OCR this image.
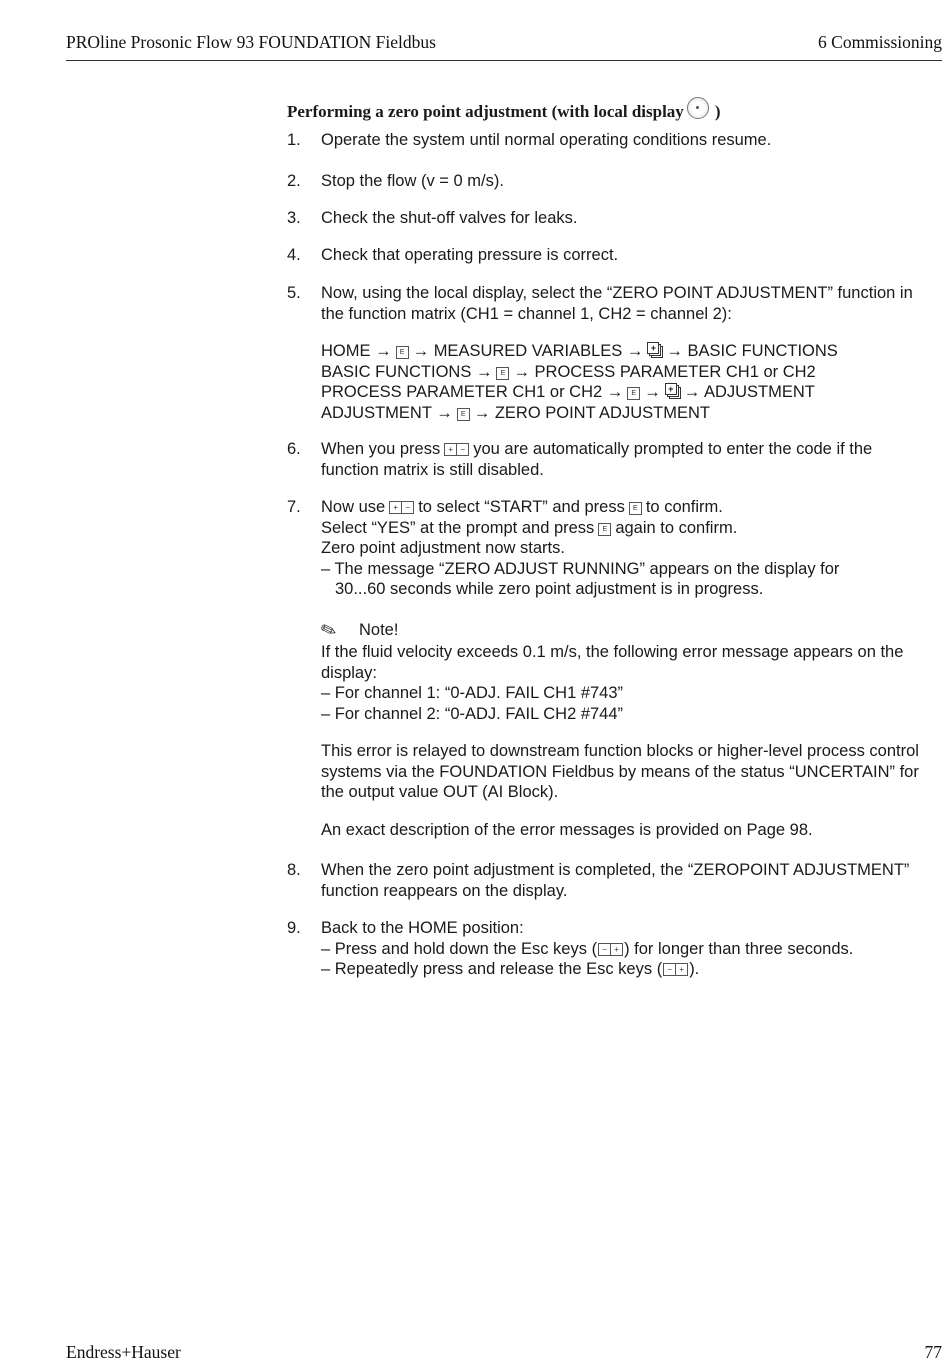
PROline Prosonic Flow 93 FOUNDATION Fieldbus	6 Commissioning
Performing a zero point adjustment (with local display )
1. Operate the system until normal operating conditions resume.
2. Stop the flow (v = 0 m/s).
3. Check the shut-off valves for leaks.
4. Check that operating pressure is correct.
5. Now, using the local display, select the “ZERO POINT ADJUSTMENT” function in
the function matrix (CH1 = channel 1, CH2 = channel 2):
HOME → E → MEASURED VARIABLES → + → BASIC FUNCTIONS
BASIC FUNCTIONS → E → PROCESS PARAMETER CH1 or CH2
PROCESS PARAMETER CH1 or CH2 → E → + → ADJUSTMENT
ADJUSTMENT → E → ZERO POINT ADJUSTMENT
6. When you press + − you are automatically prompted to enter the code if the
function matrix is still disabled.
7. Now use + − to select “START” and press E to confirm.
Select “YES” at the prompt and press E again to confirm.
Zero point adjustment now starts.
– The message “ZERO ADJUST RUNNING” appears on the display for
30...60 seconds while zero point adjustment is in progress.
✎ Note!
If the fluid velocity exceeds 0.1 m/s, the following error message appears on the
display:
– For channel 1: “0-ADJ. FAIL CH1 #743”
– For channel 2: “0-ADJ. FAIL CH2 #744”
This error is relayed to downstream function blocks or higher-level process control
systems via the FOUNDATION Fieldbus by means of the status “UNCERTAIN” for
the output value OUT (AI Block).
An exact description of the error messages is provided on Page 98.
8. When the zero point adjustment is completed, the “ZEROPOINT ADJUSTMENT”
function reappears on the display.
9. Back to the HOME position:
– Press and hold down the Esc keys ( − + ) for longer than three seconds.
– Repeatedly press and release the Esc keys ( − + ).
Endress+Hauser	77
